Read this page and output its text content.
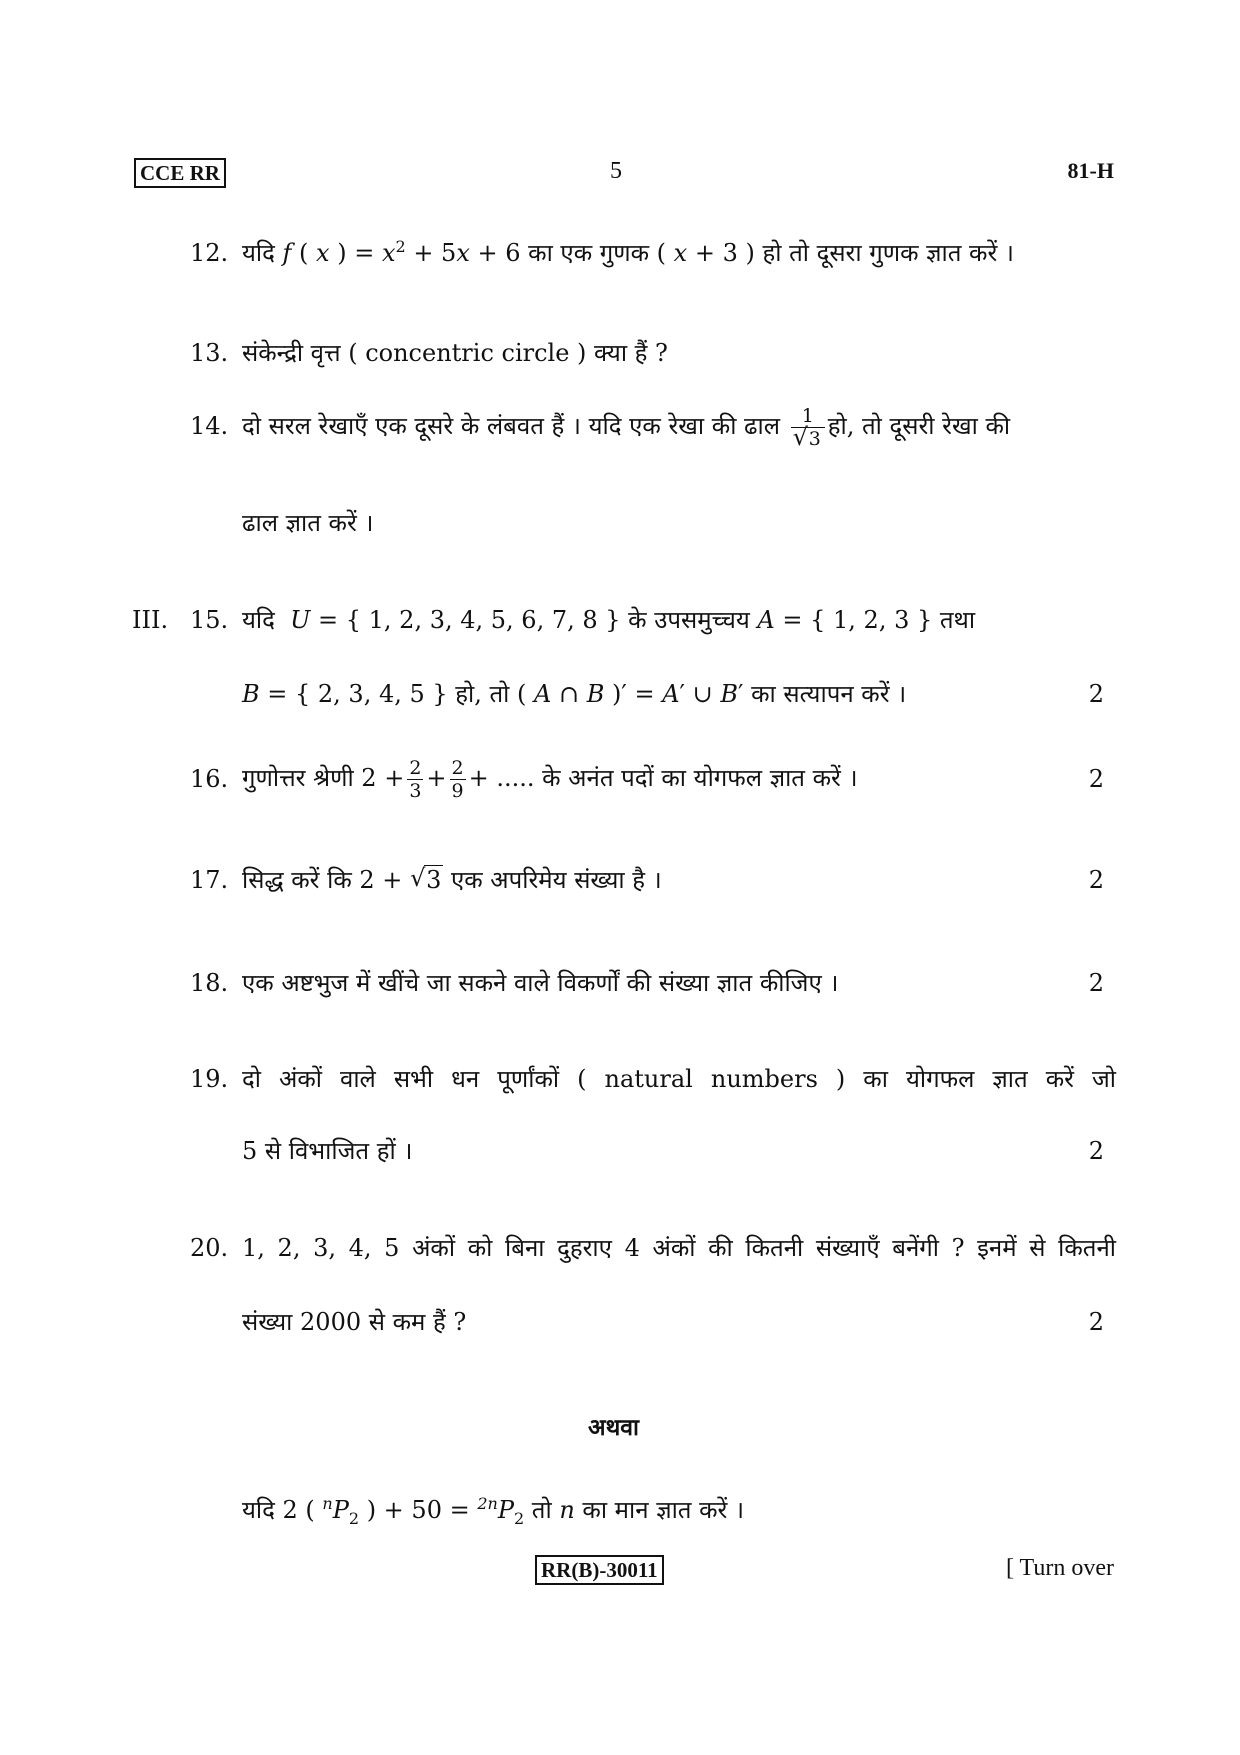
CCE RR	5	81-H
12. यदि f ( x ) = $x^2 + 5x + 6$ का एक गुणक ( x + 3 ) हो तो दूसरा गुणक ज्ञात करें ।
13. संकेन्द्री वृत्त ( concentric circle ) क्या हैं ?
14. दो सरल रेखाएँ एक दूसरे के लंबवत हैं । यदि एक रेखा की ढाल 1
√ 3 हो, तो दूसरी रेखा की
ढाल ज्ञात करें ।
III. 15. यदि U = { 1, 2, 3, 4, 5, 6, 7, 8 } के उपसमुच्चय A = { 1, 2, 3 } तथा
B = { 2, 3, 4, 5 } हो, तो ( A ∩ B )′ = A′ ∪ B′ का सत्यापन करें ।	2
16. गुणोत्तर श्रेणी $2 + \frac{2}{3} + \frac{2}{9}$ + ..... के अनंत पदों का योगफल ज्ञात करें ।	2
17. सिद्ध करें कि 2 + √ 3 एक अपरिमेय संख्या है ।	2
18. एक अष्टभुज में खींचे जा सकने वाले विकर्णों की संख्या ज्ञात कीजिए ।	2
19. दो अंकों वाले सभी धन पूर्णांकों ( natural numbers ) का योगफल ज्ञात करें जो
5 से विभाजित हों ।	2
20. 1, 2, 3, 4, 5 अंकों को बिना दुहराए 4 अंकों की कितनी संख्याएँ बनेंगी ? इनमें से कितनी
संख्या 2000 से कम हैं ?	2
अथवा
यदि 2 ( $^nP_2$ ) + $50 = ^{2n}P_2$ तो n का मान ज्ञात करें ।
RR(B)-30011	[ Turn over
